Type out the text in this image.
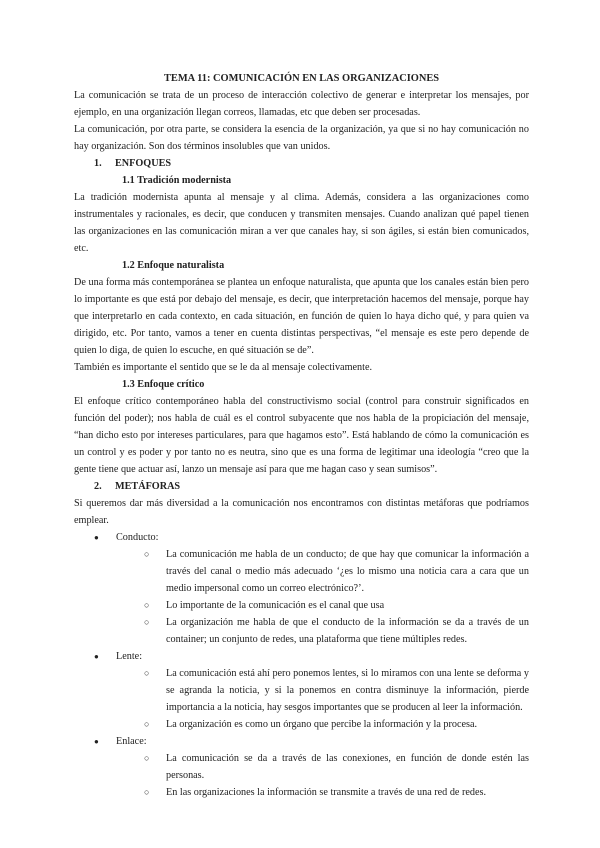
TEMA 11: COMUNICACIÓN EN LAS ORGANIZACIONES

La comunicación se trata de un proceso de interacción colectivo de generar e interpretar los mensajes, por ejemplo, en una organización llegan correos, llamadas, etc que deben ser procesadas.

La comunicación, por otra parte, se considera la esencia de la organización, ya que si no hay comunicación no hay organización. Son dos términos insolubles que van unidos.

1.	ENFOQUES
1.1 Tradición modernista

La tradición modernista apunta al mensaje y al clima. Además, considera a las organizaciones como instrumentales y racionales, es decir, que conducen y transmiten mensajes. Cuando analizan qué papel tienen las organizaciones en las comunicación miran a ver que canales hay, si son ágiles, si están bien comunicados, etc.

1.2 Enfoque naturalista

De una forma más contemporánea se plantea un enfoque naturalista, que apunta que los canales están bien pero lo importante es que está por debajo del mensaje, es decir, que interpretación hacemos del mensaje, porque hay que interpretarlo en cada contexto, en cada situación, en función de quien lo haya dicho qué, y para quien va dirigido, etc. Por tanto, vamos a tener en cuenta distintas perspectivas, “el mensaje es este pero depende de quien lo diga, de quien lo escuche, en qué situación se de”.

También es importante el sentido que se le da al mensaje colectivamente.

1.3 Enfoque crítico

El enfoque crítico contemporáneo habla del constructivismo social (control para construir significados en función del poder); nos habla de cuál es el control subyacente que nos habla de la propiciación del mensaje, “han dicho esto por intereses particulares, para que hagamos esto”. Está hablando de cómo la comunicación es un control y es poder y por tanto no es neutra, sino que es una forma de legitimar una ideología “creo que la gente tiene que actuar así, lanzo un mensaje así para que me hagan caso y sean sumisos”.

2.	METÁFORAS

Si queremos dar más diversidad a la comunicación nos encontramos con distintas metáforas que podríamos emplear.

● Conducto:
○ La comunicación me habla de un conducto; de que hay que comunicar la información a través del canal o medio más adecuado ‘¿es lo mismo una noticia cara a cara que un medio impersonal como un correo electrónico?’.
○ Lo importante de la comunicación es el canal que usa
○ La organización me habla de que el conducto de la información se da a través de un container; un conjunto de redes, una plataforma que tiene múltiples redes.
● Lente:
○ La comunicación está ahí pero ponemos lentes, si lo miramos con una lente se deforma y se agranda la noticia, y si la ponemos en contra disminuye la información, pierde importancia a la noticia, hay sesgos importantes que se producen al leer la información.
○ La organización es como un órgano que percibe la información y la procesa.
● Enlace:
○ La comunicación se da a través de las conexiones, en función de donde estén las personas.
○ En las organizaciones la información se transmite a través de una red de redes.
